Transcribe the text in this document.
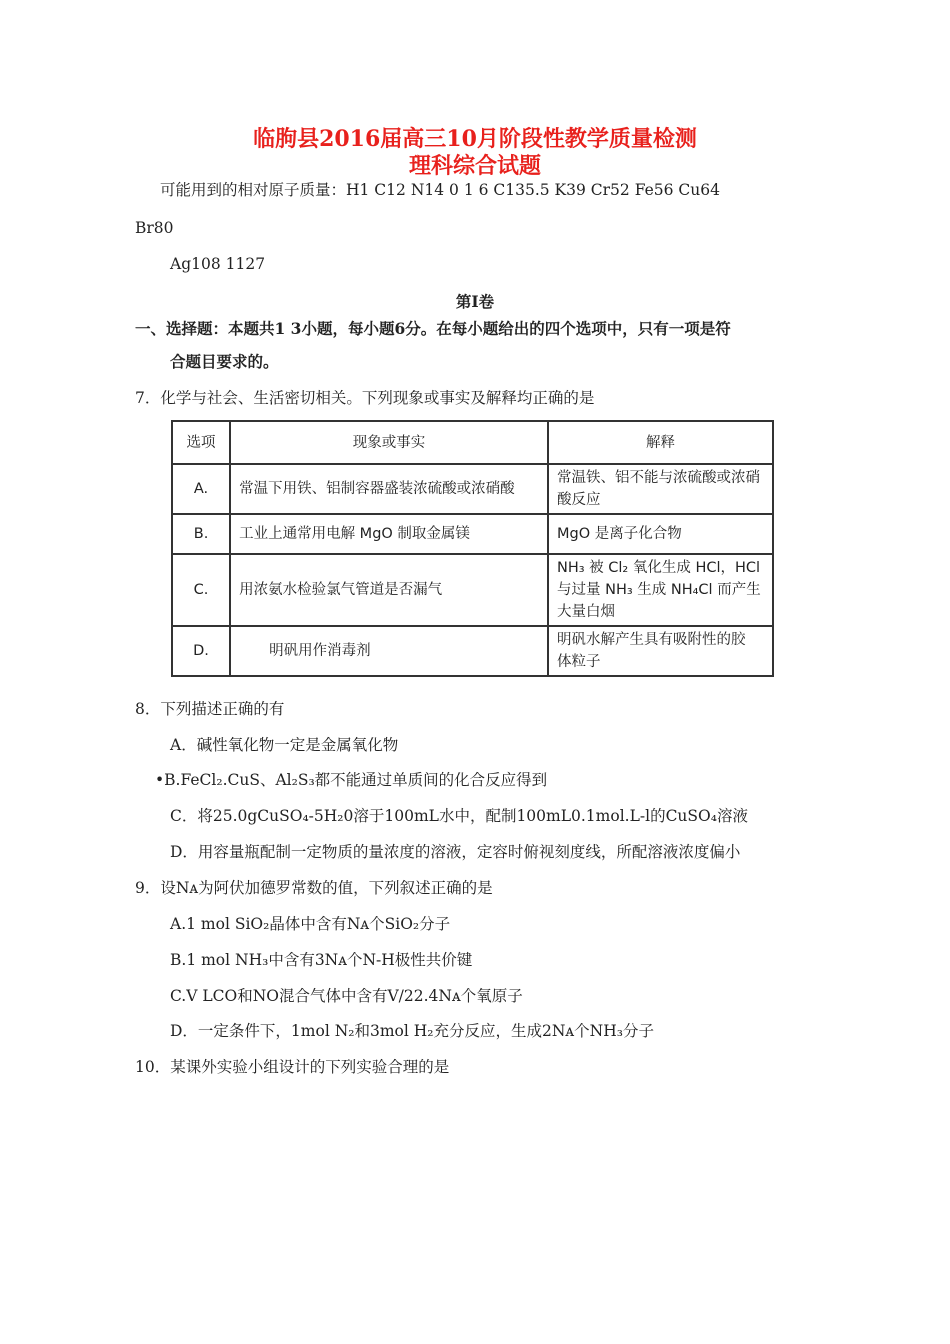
临朐县2016届高三10月阶段性教学质量检测
理科综合试题
可能用到的相对原子质量：H1 C12 N14 0 1 6 C135.5 K39 Cr52 Fe56 Cu64
Br80
Ag108 1127
第Ⅰ卷
一、选择题：本题共1 3小题，每小题6分。在每小题给出的四个选项中，只有一项是符
合题目要求的。
7．化学与社会、生活密切相关。下列现象或事实及解释均正确的是
选项	现象或事实	解释
A.	常温下用铁、铝制容器盛装浓硫酸或浓硝酸	常温铁、铝不能与浓硫酸或浓硝
酸反应

B.	工业上通常用电解 MgO 制取金属镁	MgO 是离子化合物
C.	用浓氨水检验氯气管道是否漏气	NH₃ 被 Cl₂ 氧化生成 HCl，HCl
与过量 NH₃ 生成 NH₄Cl 而产生
大量白烟

D.	明矾用作消毒剂	明矾水解产生具有吸附性的胶
体粒子
8．下列描述正确的有
A．碱性氧化物一定是金属氧化物
•B.FeCl₂.CuS、Al₂S₃都不能通过单质间的化合反应得到
C．将25.0gCuSO₄-5H₂0溶于100mL水中，配制100mL0.1mol.L-l的CuSO₄溶液
D．用容量瓶配制一定物质的量浓度的溶液，定容时俯视刻度线，所配溶液浓度偏小
9．设Nᴀ为阿伏加德罗常数的值，下列叙述正确的是
A.1 mol SiO₂晶体中含有Nᴀ个SiO₂分子
B.1 mol NH₃中含有3Nᴀ个N-H极性共价键
C.V LCO和NO混合气体中含有V/22.4Nᴀ个氧原子
D．一定条件下，1mol N₂和3mol H₂充分反应，生成2Nᴀ个NH₃分子
10．某课外实验小组设计的下列实验合理的是
